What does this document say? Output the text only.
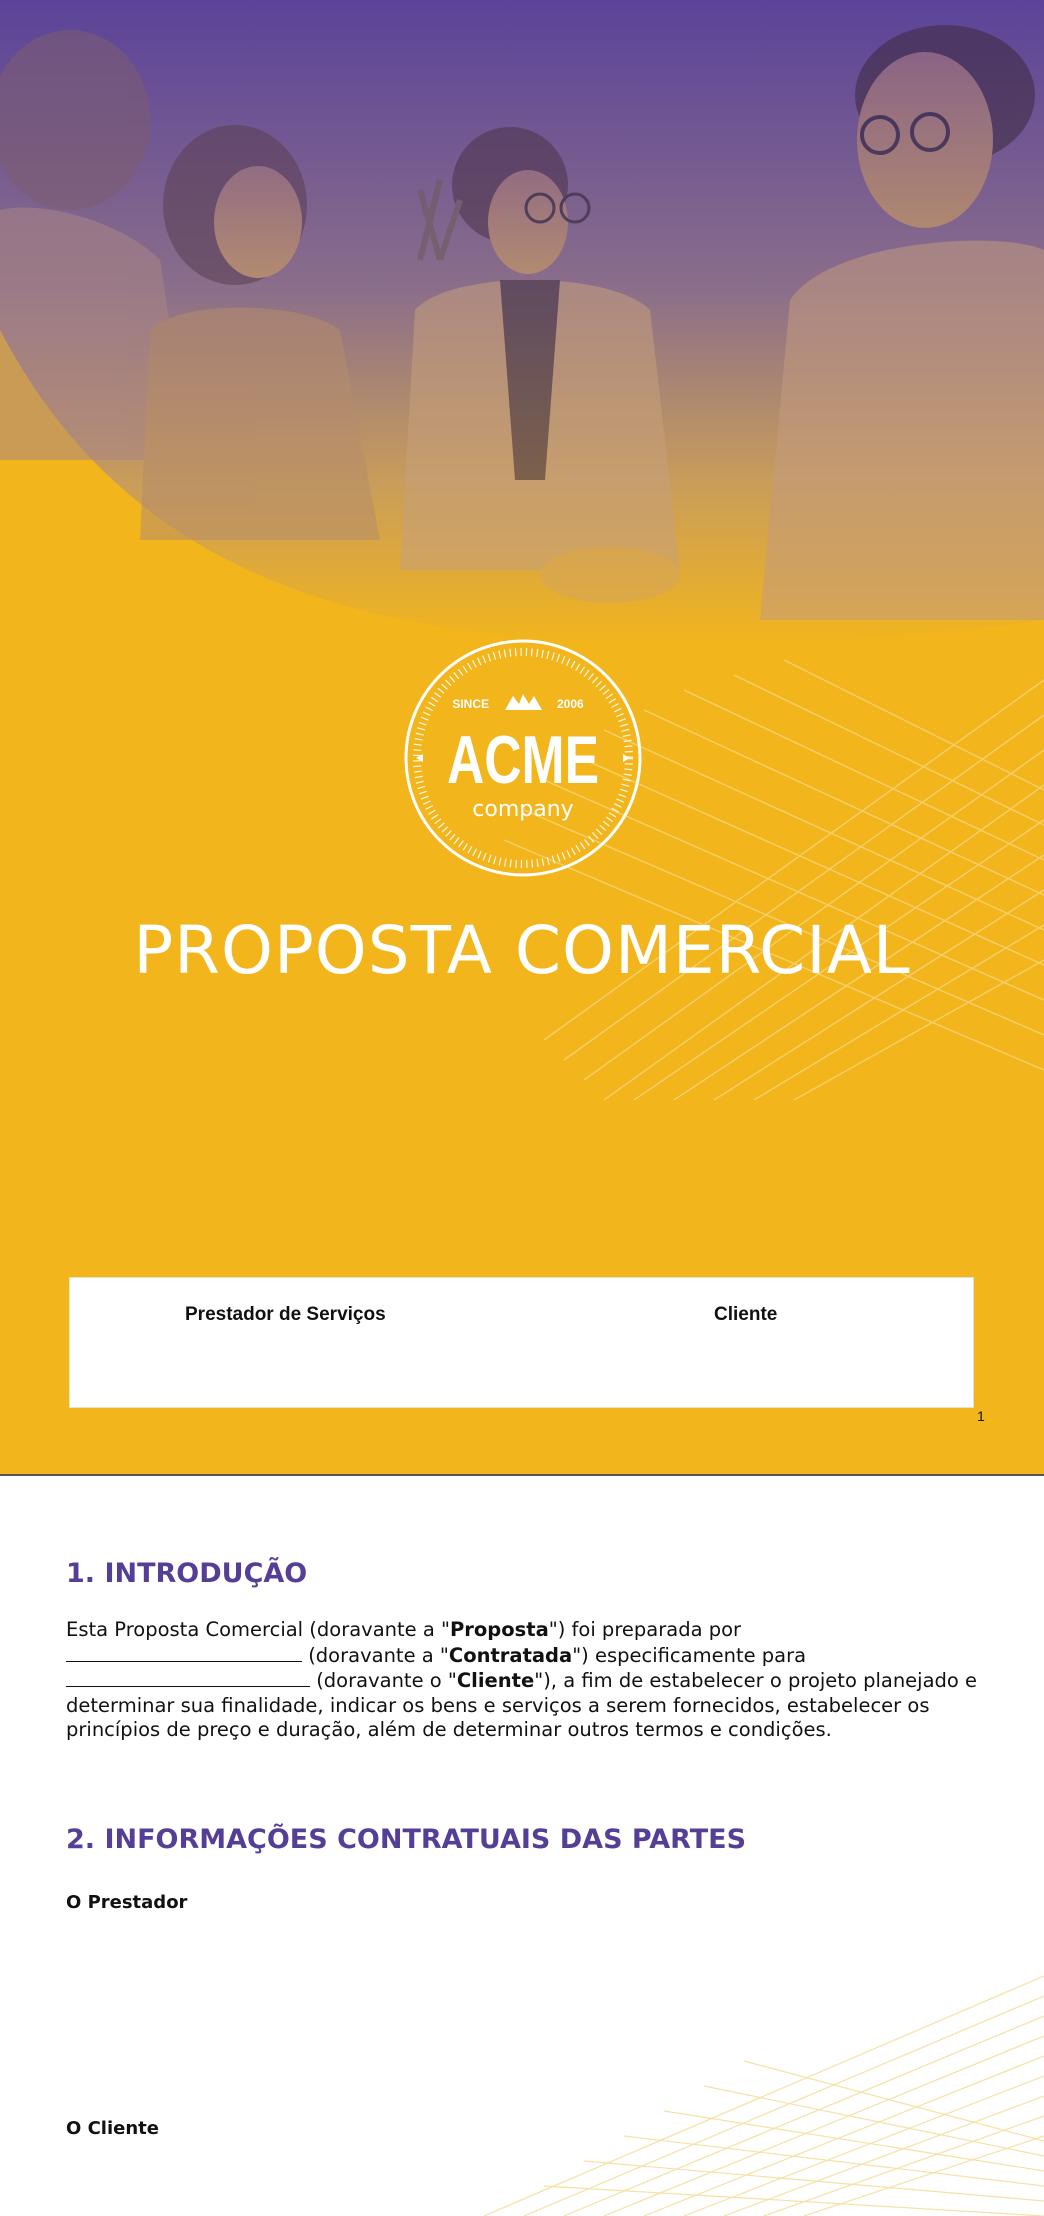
SINCE	2006
ACME
company
PROPOSTA COMERCIAL
Prestador de Serviços	Cliente
1
1. INTRODUÇÃO

Esta Proposta Comercial (doravante a "Proposta") foi preparada por
(doravante a "Contratada") especificamente para
(doravante o "Cliente"), a fim de estabelecer o projeto planejado e determinar sua finalidade, indicar os bens e serviços a serem fornecidos, estabelecer os princípios de preço e duração, além de determinar outros termos e condições.

2. INFORMAÇÕES CONTRATUAIS DAS PARTES

O Prestador

O Cliente
